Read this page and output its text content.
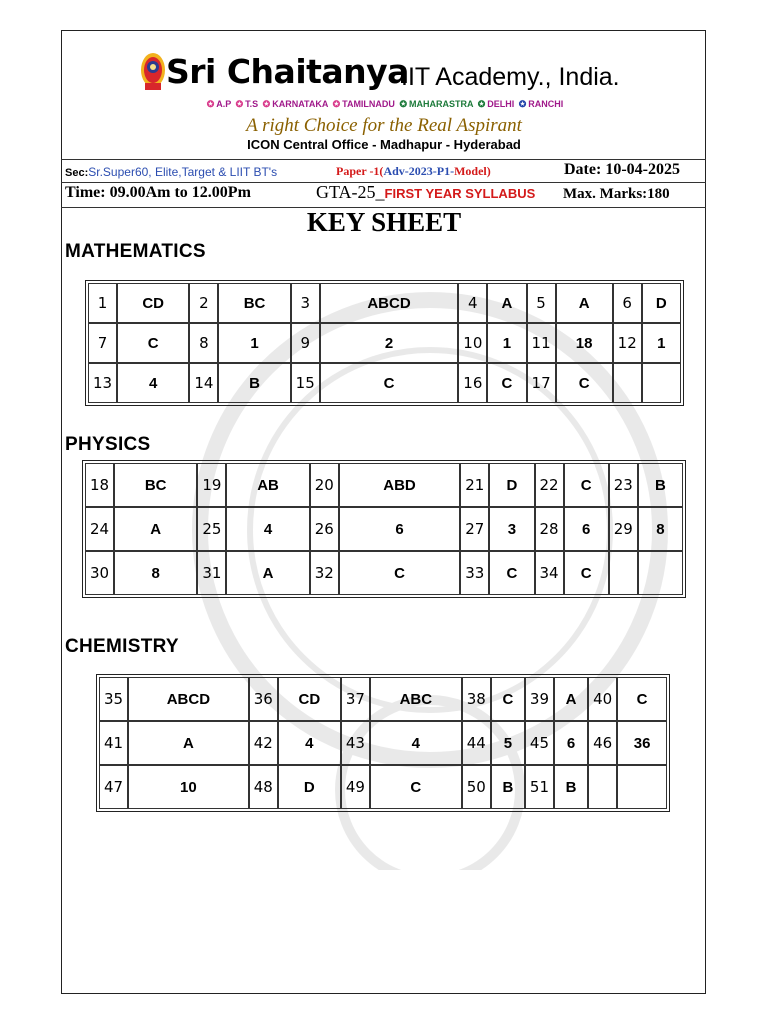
Sri Chaitanya
IIT Academy., India.
✪ A.P ✪ T.S ✪ KARNATAKA ✪ TAMILNADU ✪ MAHARASTRA ✪ DELHI ✪ RANCHI
A right Choice for the Real Aspirant
ICON Central Office - Madhapur - Hyderabad
Sec:Sr.Super60, Elite,Target & LIIT BT's	Paper -1(Adv-2023-P1-Model)	Date: 10-04-2025
Time: 09.00Am to 12.00Pm	GTA-25_FIRST YEAR SYLLABUS Max. Marks:180
KEY SHEET
MATHEMATICS
1	CD	2	BC	3	ABCD	4	A	5	A	6	D
7	C	8	1	9	2	10	1	11	18	12	1
13	4	14	B	15	C	16	C	17	C		
PHYSICS
18	BC	19	AB	20	ABD	21	D	22	C	23	B
24	A	25	4	26	6	27	3	28	6	29	8
30	8	31	A	32	C	33	C	34	C		
CHEMISTRY
35	ABCD	36	CD	37	ABC	38	C	39	A	40	C
41	A	42	4	43	4	44	5	45	6	46	36
47	10	48	D	49	C	50	B	51	B		
